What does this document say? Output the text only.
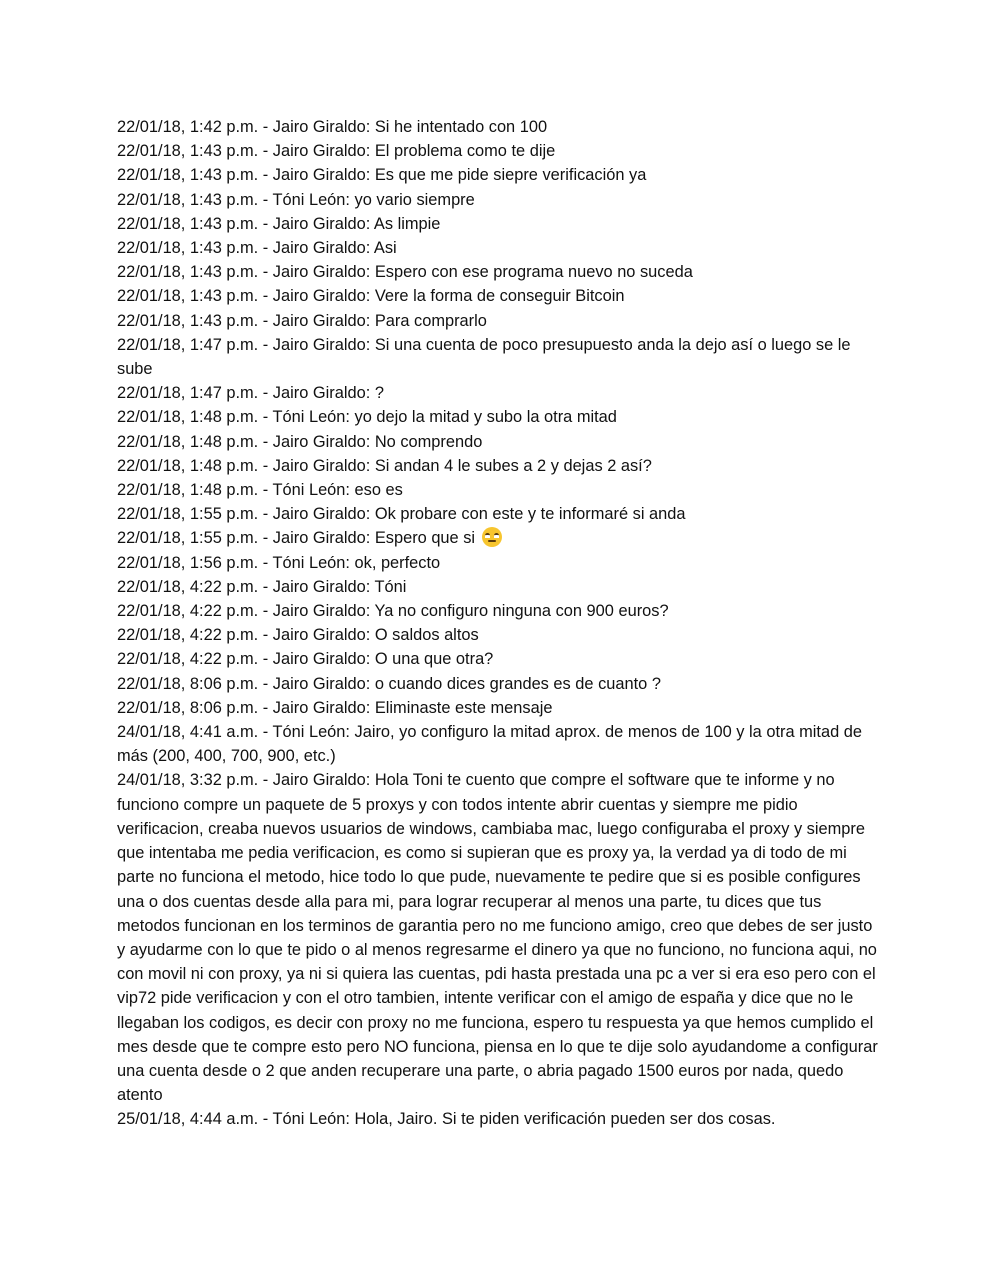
22/01/18, 1:42 p.m. - Jairo Giraldo: Si he intentado con 100

22/01/18, 1:43 p.m. - Jairo Giraldo: El problema como te dije

22/01/18, 1:43 p.m. - Jairo Giraldo: Es que me pide sieprе verificación ya

22/01/18, 1:43 p.m. - Tóni León: yo vario siempre

22/01/18, 1:43 p.m. - Jairo Giraldo: As limpie

22/01/18, 1:43 p.m. - Jairo Giraldo: Asi

22/01/18, 1:43 p.m. - Jairo Giraldo: Espero con ese programa nuevo no suceda

22/01/18, 1:43 p.m. - Jairo Giraldo: Vere la forma de conseguir Bitcoin

22/01/18, 1:43 p.m. - Jairo Giraldo: Para comprarlo

22/01/18, 1:47 p.m. - Jairo Giraldo: Si una cuenta de poco presupuesto anda la dejo así o luego se le sube

22/01/18, 1:47 p.m. - Jairo Giraldo: ?

22/01/18, 1:48 p.m. - Tóni León: yo dejo la mitad y subo la otra mitad

22/01/18, 1:48 p.m. - Jairo Giraldo: No comprendo

22/01/18, 1:48 p.m. - Jairo Giraldo: Si andan 4 le subes a 2 y dejas 2 así?

22/01/18, 1:48 p.m. - Tóni León: eso es

22/01/18, 1:55 p.m. - Jairo Giraldo: Ok probare con este y te informaré si anda

22/01/18, 1:55 p.m. - Jairo Giraldo: Espero que si

22/01/18, 1:56 p.m. - Tóni León: ok, perfecto

22/01/18, 4:22 p.m. - Jairo Giraldo: Tóni

22/01/18, 4:22 p.m. - Jairo Giraldo: Ya no configuro ninguna con 900 euros?

22/01/18, 4:22 p.m. - Jairo Giraldo: O saldos altos

22/01/18, 4:22 p.m. - Jairo Giraldo: O una que otra?

22/01/18, 8:06 p.m. - Jairo Giraldo: o cuando dices grandes es de cuanto ?

22/01/18, 8:06 p.m. - Jairo Giraldo: Eliminaste este mensaje

24/01/18, 4:41 a.m. - Tóni León: Jairo, yo configuro la mitad aprox. de menos de 100 y la otra mitad de más (200, 400, 700, 900, etc.)

24/01/18, 3:32 p.m. - Jairo Giraldo: Hola Toni te cuento que compre el software que te informe y no funciono compre un paquete de 5 proxys y con todos intente abrir cuentas y siempre me pidio verificacion, creaba nuevos usuarios de windows, cambiaba mac, luego configuraba el proxy y siempre que intentaba me pedia verificacion, es como si supieran que es proxy ya, la verdad ya di todo de mi parte no funciona el metodo, hice todo lo que pude, nuevamente te pedire que si es posible configures una o dos cuentas desde alla para mi, para lograr recuperar al menos una parte, tu dices que tus metodos funcionan en los terminos de garantia pero no me funciono amigo, creo que debes de ser justo y ayudarme con lo que te pido o al menos regresarme el dinero ya que no funciono, no funciona aqui, no con movil ni con proxy, ya ni si quiera las cuentas, pdi hasta prestada una pc a ver si era eso pero con el vip72 pide verificacion y con el otro tambien, intente verificar con el amigo de españa y dice que no le llegaban los codigos, es decir con proxy no me funciona, espero tu respuesta ya que hemos cumplido el mes desde que te compre esto pero NO funciona, piensa en lo que te dije solo ayudandome a configurar una cuenta desde o 2 que anden recuperare una parte, o abria pagado 1500 euros por nada, quedo atento

25/01/18, 4:44 a.m. - Tóni León: Hola, Jairo. Si te piden verificación pueden ser dos cosas.
